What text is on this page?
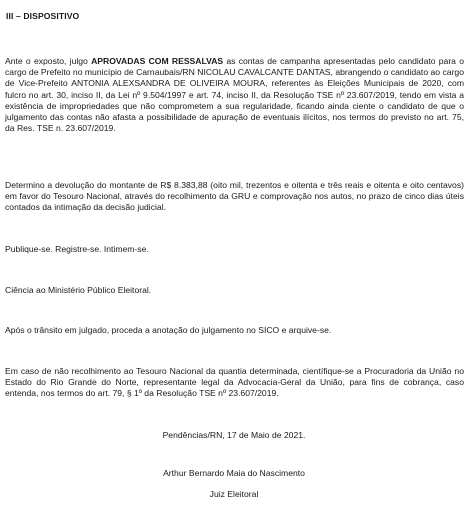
III – DISPOSITIVO
Ante o exposto, julgo APROVADAS COM RESSALVAS as contas de campanha apresentadas pelo candidato para o cargo de Prefeito no município de Carnaubais/RN NICOLAU CAVALCANTE DANTAS, abrangendo o candidato ao cargo de Vice-Prefeito ANTONIA ALEXSANDRA DE OLIVEIRA MOURA, referentes às Eleições Municipais de 2020, com fulcro no art. 30, inciso II, da Lei nº 9.504/1997 e art. 74, inciso II, da Resolução TSE nº 23.607/2019, tendo em vista a existência de impropriedades que não comprometem a sua regularidade, ficando ainda ciente o candidato de que o julgamento das contas não afasta a possibilidade de apuração de eventuais ilícitos, nos termos do previsto no art. 75, da Res. TSE n. 23.607/2019.
Determino a devolução do montante de R$ 8.383,88 (oito mil, trezentos e oitenta e três reais e oitenta e oito centavos) em favor do Tesouro Nacional, através do recolhimento da GRU e comprovação nos autos, no prazo de cinco dias úteis contados da intimação da decisão judicial.
Publique-se. Registre-se. Intimem-se.
Ciência ao Ministério Público Eleitoral.
Após o trânsito em julgado, proceda a anotação do julgamento no SICO e arquive-se.
Em caso de não recolhimento ao Tesouro Nacional da quantia determinada, científique-se a Procuradoria da União no Estado do Rio Grande do Norte, representante legal da Advocacia-Geral da União, para fins de cobrança, caso entenda, nos termos do art. 79, § 1º da Resolução TSE nº 23.607/2019.
Pendências/RN, 17 de Maio de 2021.
Arthur Bernardo Maia do Nascimento
Juiz Eleitoral
